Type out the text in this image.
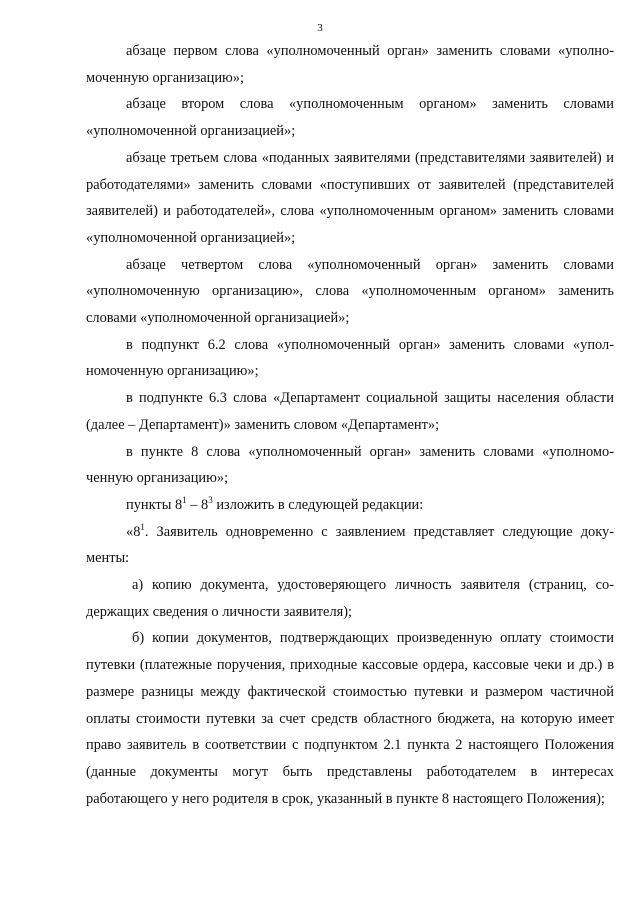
3

абзаце первом слова «уполномоченный орган» заменить словами «уполномоченную организацию»;

абзаце втором слова «уполномоченным органом» заменить словами «уполномоченной организацией»;

абзаце третьем слова «поданных заявителями (представителями заявителей) и работодателями» заменить словами «поступивших от заявителей (представителей заявителей) и работодателей», слова «уполномоченным органом» заменить словами «уполномоченной организацией»;

абзаце четвертом слова «уполномоченный орган» заменить словами «уполномоченную организацию», слова «уполномоченным органом» заменить словами «уполномоченной организацией»;

в подпункт 6.2 слова «уполномоченный орган» заменить словами «уполномоченную организацию»;

в подпункте 6.3 слова «Департамент социальной защиты населения области (далее – Департамент)» заменить словом «Департамент»;

в пункте 8 слова «уполномоченный орган» заменить словами «уполномоченную организацию»;

пункты $8^1 - 8^3$ изложить в следующей редакции:

«$8^1$. Заявитель одновременно с заявлением представляет следующие документы:

а) копию документа, удостоверяющего личность заявителя (страниц, содержащих сведения о личности заявителя);

б) копии документов, подтверждающих произведенную оплату стоимости путевки (платежные поручения, приходные кассовые ордера, кассовые чеки и др.) в размере разницы между фактической стоимостью путевки и размером частичной оплаты стоимости путевки за счет средств областного бюджета, на которую имеет право заявитель в соответствии с подпунктом 2.1 пункта 2 настоящего Положения (данные документы могут быть представлены работодателем в интересах работающего у него родителя в срок, указанный в пункте 8 настоящего Положения);
